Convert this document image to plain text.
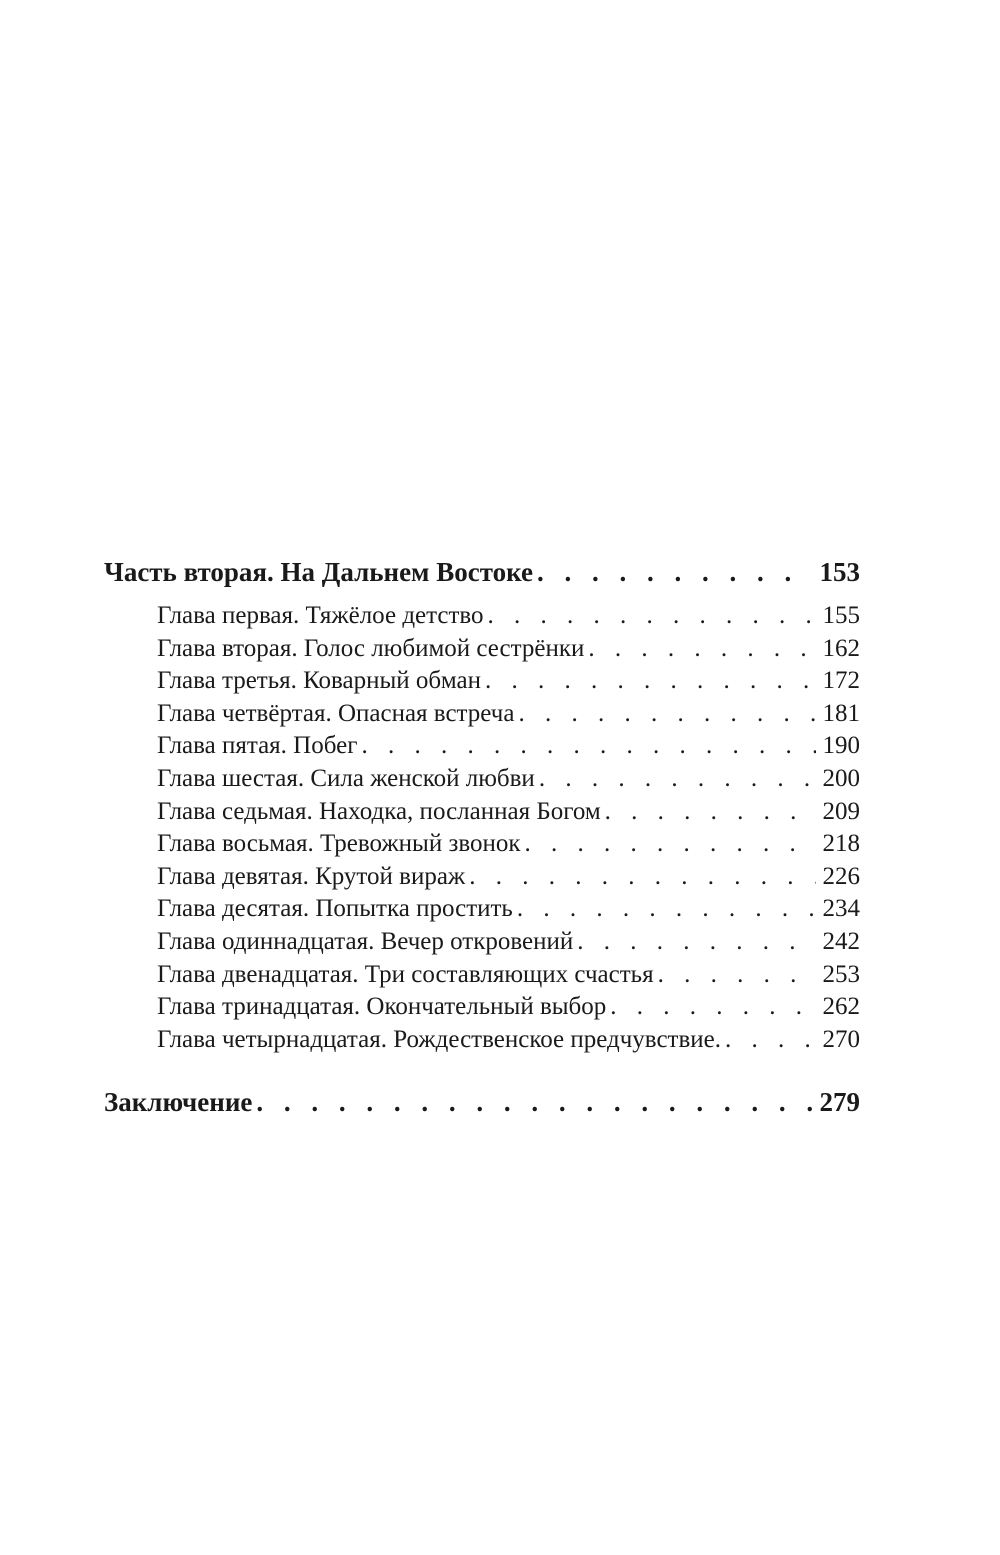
Часть вторая. На Дальнем Востоке . . .	153
Глава первая. Тяжёлое детство . . .	155
Глава вторая. Голос любимой сестрёнки . . .	162
Глава третья. Коварный обман . . .	172
Глава четвёртая. Опасная встреча . . .	181
Глава пятая. Побег . . .	190
Глава шестая. Сила женской любви . . .	200
Глава седьмая. Находка, посланная Богом . . .	209
Глава восьмая. Тревожный звонок . . .	218
Глава девятая. Крутой вираж . . .	226
Глава десятая. Попытка простить . . .	234
Глава одиннадцатая. Вечер откровений . . .	242
Глава двенадцатая. Три составляющих счастья . . .	253
Глава тринадцатая. Окончательный выбор . . .	262
Глава четырнадцатая. Рождественское предчувствие. . . .	270
Заключение . . .	279
